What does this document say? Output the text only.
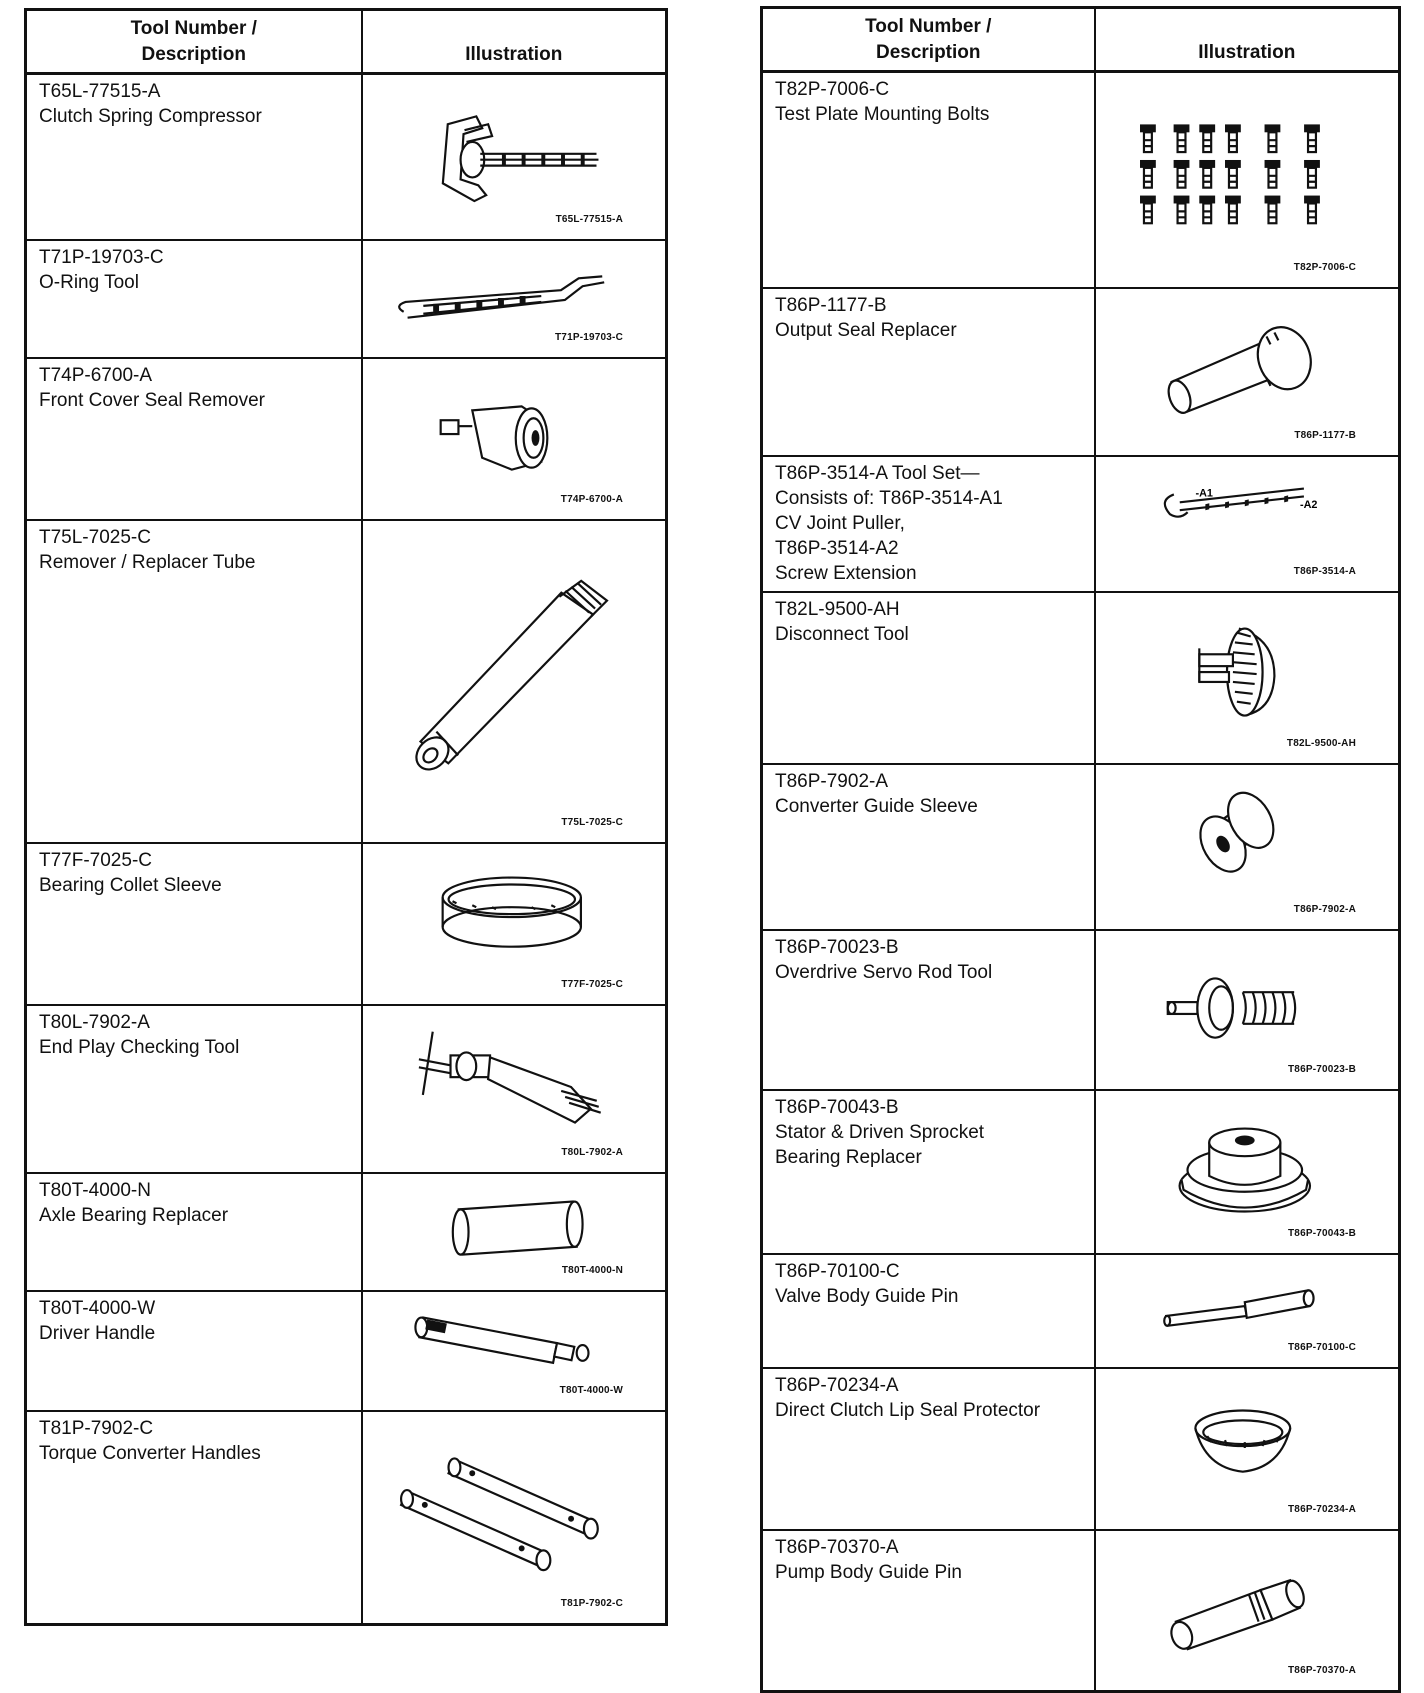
Tool Number /
Description	Illustration

T65L-77515-A
Clutch Spring Compressor	T65L-77515-A

T71P-19703-C
O-Ring Tool	T71P-19703-C

T74P-6700-A
Front Cover Seal Remover	T74P-6700-A

T75L-7025-C
Remover / Replacer Tube	T75L-7025-C

T77F-7025-C
Bearing Collet Sleeve	T77F-7025-C

T80L-7902-A
End Play Checking Tool	T80L-7902-A

T80T-4000-N
Axle Bearing Replacer	T80T-4000-N

T80T-4000-W
Driver Handle	T80T-4000-W

T81P-7902-C
Torque Converter Handles	T81P-7902-C
Tool Number /
Description	Illustration

T82P-7006-C
Test Plate Mounting Bolts	T82P-7006-C

T86P-1177-B
Output Seal Replacer	T86P-1177-B

T86P-3514-A Tool Set—
Consists of: T86P-3514-A1
CV Joint Puller,
T86P-3514-A2
Screw Extension	-A1
-A2
T86P-3514-A

T82L-9500-AH
Disconnect Tool	T82L-9500-AH

T86P-7902-A
Converter Guide Sleeve	T86P-7902-A

T86P-70023-B
Overdrive Servo Rod Tool	T86P-70023-B

T86P-70043-B
Stator & Driven Sprocket
Bearing Replacer	T86P-70043-B

T86P-70100-C
Valve Body Guide Pin	T86P-70100-C

T86P-70234-A
Direct Clutch Lip Seal Protector	T86P-70234-A

T86P-70370-A
Pump Body Guide Pin	T86P-70370-A
